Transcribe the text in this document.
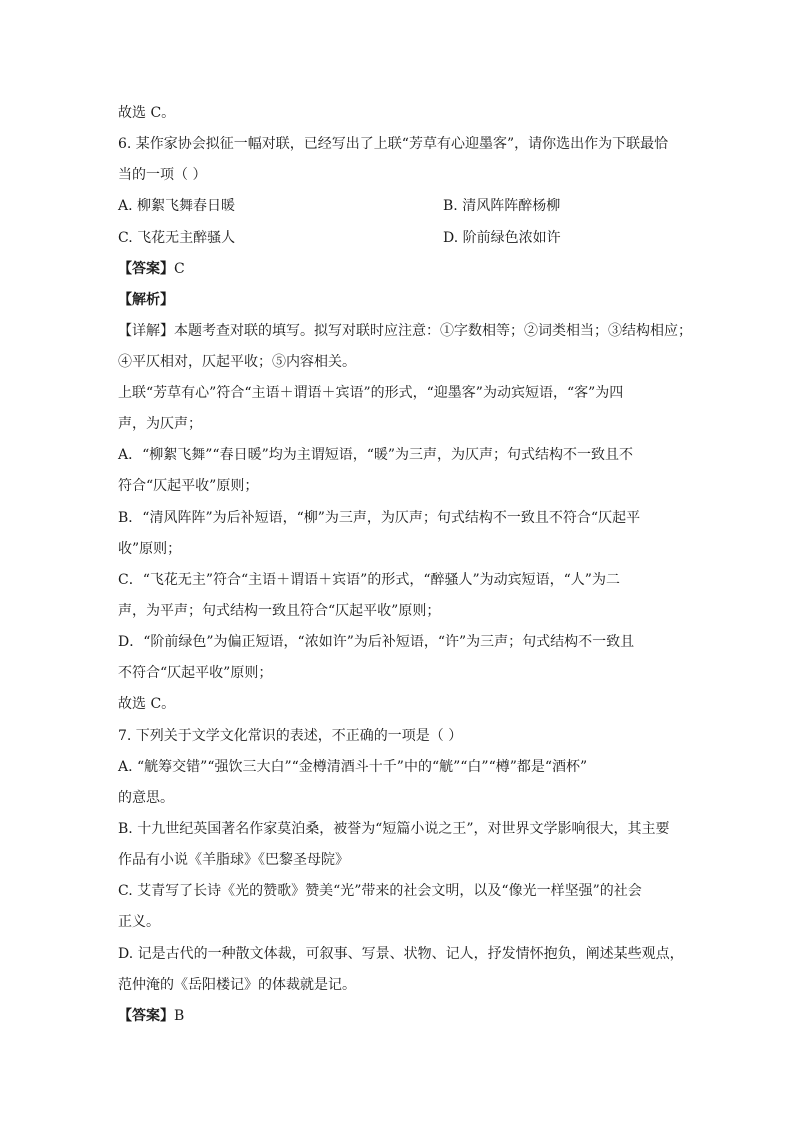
故选 C。
6. 某作家协会拟征一幅对联，已经写出了上联“芳草有心迎墨客”，请你选出作为下联最恰
当的一项（ ）
A. 柳絮飞舞春日暖	B. 清风阵阵醉杨柳
C. 飞花无主醉骚人	D. 阶前绿色浓如许
【答案】C
【解析】
【详解】本题考查对联的填写。拟写对联时应注意：①字数相等；②词类相当；③结构相应；
④平仄相对，仄起平收；⑤内容相关。
上联“芳草有心”符合“主语＋谓语＋宾语”的形式，“迎墨客”为动宾短语，“客”为四
声，为仄声；
A．“柳絮飞舞”“春日暖”均为主谓短语，“暖”为三声，为仄声；句式结构不一致且不
符合“仄起平收”原则；
B．“清风阵阵”为后补短语，“柳”为三声，为仄声；句式结构不一致且不符合“仄起平
收”原则；
C．“飞花无主”符合“主语＋谓语＋宾语”的形式，“醉骚人”为动宾短语，“人”为二
声，为平声；句式结构一致且符合“仄起平收”原则；
D．“阶前绿色”为偏正短语，“浓如许”为后补短语，“许”为三声；句式结构不一致且
不符合“仄起平收”原则；
故选 C。
7. 下列关于文学文化常识的表述，不正确的一项是（ ）
A. “觥筹交错”“强饮三大白”“金樽清酒斗十千”中的“觥”“白”“樽”都是“酒杯”
的意思。
B. 十九世纪英国著名作家莫泊桑，被誉为“短篇小说之王”，对世界文学影响很大，其主要
作品有小说《羊脂球》《巴黎圣母院》
C. 艾青写了长诗《光的赞歌》赞美“光”带来的社会文明，以及“像光一样坚强”的社会
正义。
D. 记是古代的一种散文体裁，可叙事、写景、状物、记人，抒发情怀抱负，阐述某些观点，
范仲淹的《岳阳楼记》的体裁就是记。
【答案】B
